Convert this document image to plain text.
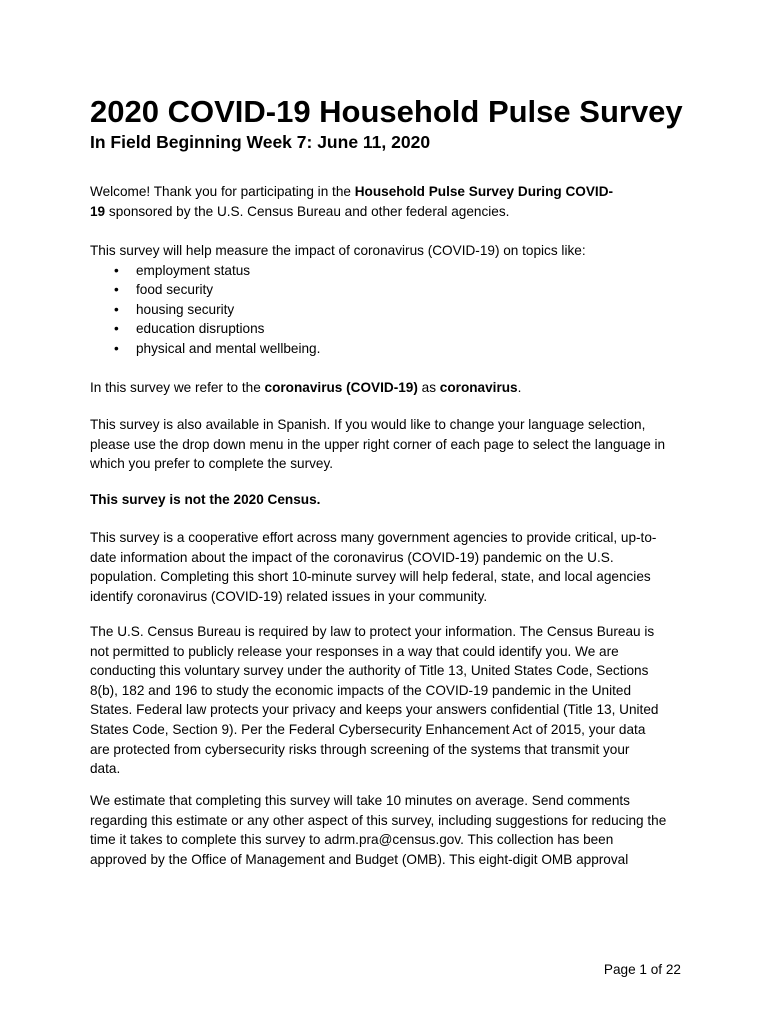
2020 COVID-19 Household Pulse Survey
In Field Beginning Week 7: June 11, 2020
Welcome! Thank you for participating in the Household Pulse Survey During COVID-
19 sponsored by the U.S. Census Bureau and other federal agencies.
This survey will help measure the impact of coronavirus (COVID-19) on topics like:
• employment status
• food security
• housing security
• education disruptions
• physical and mental wellbeing.
In this survey we refer to the coronavirus (COVID-19) as coronavirus.
This survey is also available in Spanish. If you would like to change your language selection,
please use the drop down menu in the upper right corner of each page to select the language in
which you prefer to complete the survey.
This survey is not the 2020 Census.
This survey is a cooperative effort across many government agencies to provide critical, up-to-
date information about the impact of the coronavirus (COVID-19) pandemic on the U.S.
population. Completing this short 10-minute survey will help federal, state, and local agencies
identify coronavirus (COVID-19) related issues in your community.
The U.S. Census Bureau is required by law to protect your information. The Census Bureau is
not permitted to publicly release your responses in a way that could identify you. We are
conducting this voluntary survey under the authority of Title 13, United States Code, Sections
8(b), 182 and 196 to study the economic impacts of the COVID-19 pandemic in the United
States. Federal law protects your privacy and keeps your answers confidential (Title 13, United
States Code, Section 9). Per the Federal Cybersecurity Enhancement Act of 2015, your data
are protected from cybersecurity risks through screening of the systems that transmit your
data.
We estimate that completing this survey will take 10 minutes on average. Send comments
regarding this estimate or any other aspect of this survey, including suggestions for reducing the
time it takes to complete this survey to adrm.pra@census.gov. This collection has been
approved by the Office of Management and Budget (OMB). This eight-digit OMB approval
Page 1 of 22
